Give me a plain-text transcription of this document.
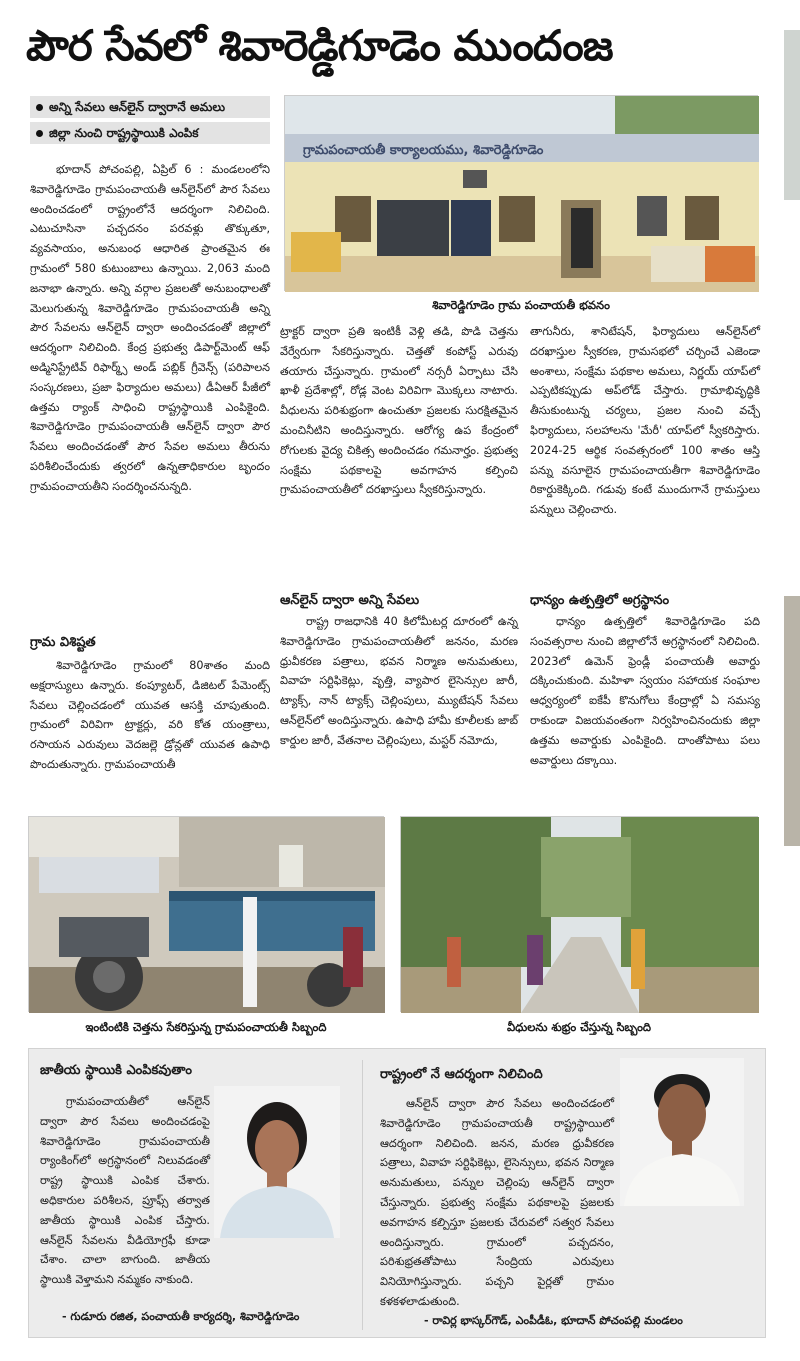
పౌర సేవలో శివారెడ్డిగూడెం ముందంజ
అన్ని సేవలు ఆన్‌లైన్ ద్వారానే అమలు
జిల్లా నుంచి రాష్ట్రస్థాయికి ఎంపిక
భూదాన్ పోచంపల్లి, ఏప్రిల్ 6 : మండలంలోని శివారెడ్డిగూడెం గ్రామపంచాయతీ ఆన్‌లైన్‌లో పౌర సేవలు అందించడంలో రాష్ట్రంలోనే ఆదర్శంగా నిలిచింది. ఎటుచూసినా పచ్చదనం పరవళ్లు తొక్కుతూ, వ్యవసాయం, అనుబంధ ఆధారిత ప్రాంతమైన ఈ గ్రామంలో 580 కుటుంబాలు ఉన్నాయి. 2,063 మంది జనాభా ఉన్నారు. అన్ని వర్గాల ప్రజలతో అనుబంధాలతో మెలుగుతున్న శివారెడ్డిగూడెం గ్రామపంచాయతీ అన్ని పౌర సేవలను ఆన్‌లైన్ ద్వారా అందించడంతో జిల్లాలో ఆదర్శంగా నిలిచింది. కేంద్ర ప్రభుత్వ డిపార్ట్‌మెంట్ ఆఫ్ అడ్మినిస్ట్రేటివ్ రిఫార్మ్స్ అండ్ పబ్లిక్ గ్రీవెన్స్ (పరిపాలన సంస్కరణలు, ప్రజా ఫిర్యాదుల అమలు) డీఏఆర్ పీజీలో ఉత్తమ ర్యాంక్ సాధించి రాష్ట్రస్థాయికి ఎంపికైంది. శివారెడ్డిగూడెం గ్రామపంచాయతీ ఆన్‌లైన్ ద్వారా పౌర సేవలు అందించడంతో పౌర సేవల అమలు తీరును పరిశీలించేందుకు త్వరలో ఉన్నతాధికారుల బృందం గ్రామపంచాయతీని సందర్శించనున్నది.
గ్రామ విశిష్టత
శివారెడ్డిగూడెం గ్రామంలో 80శాతం మంది అక్షరాస్యులు ఉన్నారు. కంప్యూటర్, డిజిటల్ పేమెంట్స్ సేవలు చెల్లించడంలో యువత ఆసక్తి చూపుతుంది. గ్రామంలో విరివిగా ట్రాక్టర్లు, వరి కోత యంత్రాలు, రసాయన ఎరువులు వెదజల్లె డ్రోన్లతో యువత ఉపాధి పొందుతున్నారు. గ్రామపంచాయతీ
గ్రామపంచాయతీ కార్యాలయము, శివారెడ్డిగూడెం
శివారెడ్డిగూడెం గ్రామ పంచాయతీ భవనం
ట్రాక్టర్ ద్వారా ప్రతి ఇంటికీ వెళ్లి తడి, పొడి చెత్తను వేర్వేరుగా సేకరిస్తున్నారు. చెత్తతో కంపోస్ట్ ఎరువు తయారు చేస్తున్నారు. గ్రామంలో నర్సరీ ఏర్పాటు చేసి ఖాళీ ప్రదేశాల్లో, రోడ్ల వెంట విరివిగా మొక్కలు నాటారు. వీధులను పరిశుభ్రంగా ఉంచుతూ ప్రజలకు సురక్షితమైన మంచినీటిని అందిస్తున్నారు. ఆరోగ్య ఉప కేంద్రంలో రోగులకు వైద్య చికిత్స అందించడం గమనార్హం. ప్రభుత్వ సంక్షేమ పథకాలపై అవగాహన కల్పించి గ్రామపంచాయతీలో దరఖాస్తులు స్వీకరిస్తున్నారు.
ఆన్‌లైన్ ద్వారా అన్ని సేవలు
రాష్ట్ర రాజధానికి 40 కిలోమీటర్ల దూరంలో ఉన్న శివారెడ్డిగూడెం గ్రామపంచాయతీలో జననం, మరణ ధ్రువీకరణ పత్రాలు, భవన నిర్మాణ అనుమతులు, వివాహ సర్టిఫికెట్లు, వృత్తి, వ్యాపార లైసెన్సుల జారీ, ట్యాక్స్, నాన్ ట్యాక్స్ చెల్లింపులు, మ్యుటేషన్ సేవలు ఆన్‌లైన్‌లో అందిస్తున్నారు. ఉపాధి హామీ కూలీలకు జాబ్ కార్డుల జారీ, వేతనాల చెల్లింపులు, మస్టర్ నమోదు,
తాగునీరు, శానిటేషన్, ఫిర్యాదులు ఆన్‌లైన్‌లో దరఖాస్తుల స్వీకరణ, గ్రామసభలో చర్చించే ఎజెండా అంశాలు, సంక్షేమ పథకాల అమలు, నిర్ణయ్ యాప్‌లో ఎప్పటికప్పుడు అప్‌లోడ్ చేస్తారు. గ్రామాభివృద్ధికి తీసుకుంటున్న చర్యలు, ప్రజల నుంచి వచ్చే ఫిర్యాదులు, సలహాలను 'మేరీ' యాప్‌లో స్వీకరిస్తారు. 2024-25 ఆర్థిక సంవత్సరంలో 100 శాతం ఆస్తి పన్ను వసూలైన గ్రామపంచాయతీగా శివారెడ్డిగూడెం రికార్డుకెక్కింది. గడువు కంటే ముందుగానే గ్రామస్తులు పన్నులు చెల్లించారు.
ధాన్యం ఉత్పత్తిలో అగ్రస్థానం
ధాన్యం ఉత్పత్తిలో శివారెడ్డిగూడెం పది సంవత్సరాల నుంచి జిల్లాలోనే అగ్రస్థానంలో నిలిచింది. 2023లో ఉమెన్ ఫ్రెండ్లీ పంచాయతీ అవార్డు దక్కించుకుంది. మహిళా స్వయం సహాయక సంఘాల ఆధ్వర్యంలో ఐకేపీ కొనుగోలు కేంద్రాల్లో ఏ సమస్య రాకుండా విజయవంతంగా నిర్వహించినందుకు జిల్లా ఉత్తమ అవార్డుకు ఎంపికైంది. దాంతోపాటు పలు అవార్డులు దక్కాయి.
ఇంటింటికి చెత్తను సేకరిస్తున్న గ్రామపంచాయతీ సిబ్బంది	వీధులను శుభ్రం చేస్తున్న సిబ్బంది
జాతీయ స్థాయికి ఎంపికవుతాం
గ్రామపంచాయతీలో ఆన్‌లైన్ ద్వారా పౌర సేవలు అందించడంపై శివారెడ్డిగూడెం గ్రామపంచాయతీ ర్యాంకింగ్‌లో అగ్రస్థానంలో నిలువడంతో రాష్ట్ర స్థాయికి ఎంపిక చేశారు. అధికారుల పరిశీలన, ప్రూఫ్స్ తర్వాత జాతీయ స్థాయికి ఎంపిక చేస్తారు. ఆన్‌లైన్ సేవలను వీడియోగ్రఫీ కూడా చేశాం. చాలా బాగుంది. జాతీయ స్థాయికి వెళ్తామని నమ్మకం నాకుంది.
- గుడూరు రజిత, పంచాయతీ కార్యదర్శి, శివారెడ్డిగూడెం
రాష్ట్రంలో నే ఆదర్శంగా నిలిచింది
ఆన్‌లైన్ ద్వారా పౌర సేవలు అందించడంలో శివారెడ్డిగూడెం గ్రామపంచాయతీ రాష్ట్రస్థాయిలో ఆదర్శంగా నిలిచింది. జనన, మరణ ధ్రువీకరణ పత్రాలు, వివాహ సర్టిఫికెట్లు, లైసెన్సులు, భవన నిర్మాణ అనుమతులు, పన్నుల చెల్లింపు ఆన్‌లైన్ ద్వారా చేస్తున్నారు. ప్రభుత్వ సంక్షేమ పథకాలపై ప్రజలకు అవగాహన కల్పిస్తూ ప్రజలకు చేరువలో సత్వర సేవలు అందిస్తున్నారు. గ్రామంలో పచ్చదనం, పరిశుభ్రతతోపాటు సేంద్రియ ఎరువులు వినియోగిస్తున్నారు. పచ్చని పైర్లతో గ్రామం కళకళలాడుతుంది.
- రావిర్ల భాస్కర్‌గౌడ్, ఎంపీడీఓ, భూదాన్ పోచంపల్లి మండలం
